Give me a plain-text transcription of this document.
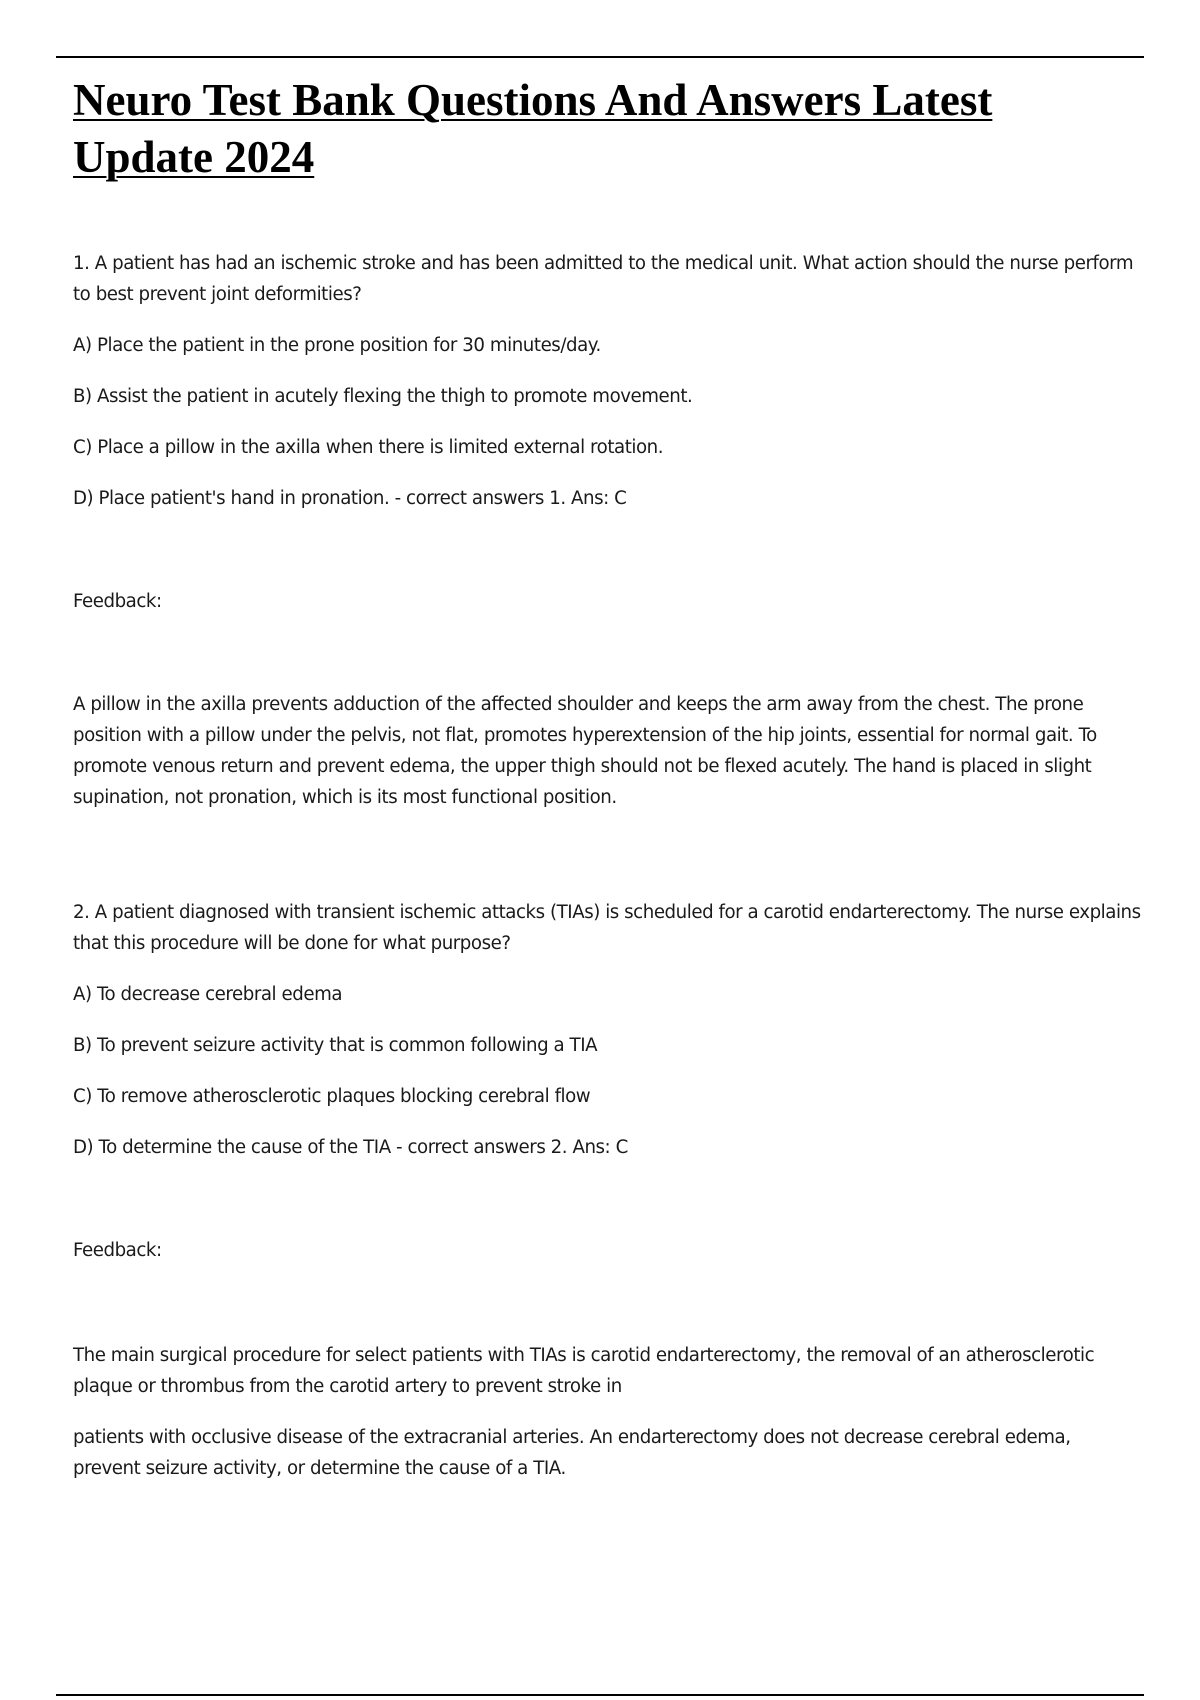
Neuro Test Bank Questions And Answers Latest Update 2024

1. A patient has had an ischemic stroke and has been admitted to the medical unit. What action should the nurse perform to best prevent joint deformities?

A) Place the patient in the prone position for 30 minutes/day.

B) Assist the patient in acutely flexing the thigh to promote movement.

C) Place a pillow in the axilla when there is limited external rotation.

D) Place patient's hand in pronation. - correct answers 1. Ans: C

Feedback:

A pillow in the axilla prevents adduction of the affected shoulder and keeps the arm away from the chest. The prone position with a pillow under the pelvis, not flat, promotes hyperextension of the hip joints, essential for normal gait. To promote venous return and prevent edema, the upper thigh should not be flexed acutely. The hand is placed in slight supination, not pronation, which is its most functional position.

2. A patient diagnosed with transient ischemic attacks (TIAs) is scheduled for a carotid endarterectomy. The nurse explains that this procedure will be done for what purpose?

A) To decrease cerebral edema

B) To prevent seizure activity that is common following a TIA

C) To remove atherosclerotic plaques blocking cerebral flow

D) To determine the cause of the TIA - correct answers 2. Ans: C

Feedback:

The main surgical procedure for select patients with TIAs is carotid endarterectomy, the removal of an atherosclerotic plaque or thrombus from the carotid artery to prevent stroke in

patients with occlusive disease of the extracranial arteries. An endarterectomy does not decrease cerebral edema, prevent seizure activity, or determine the cause of a TIA.
